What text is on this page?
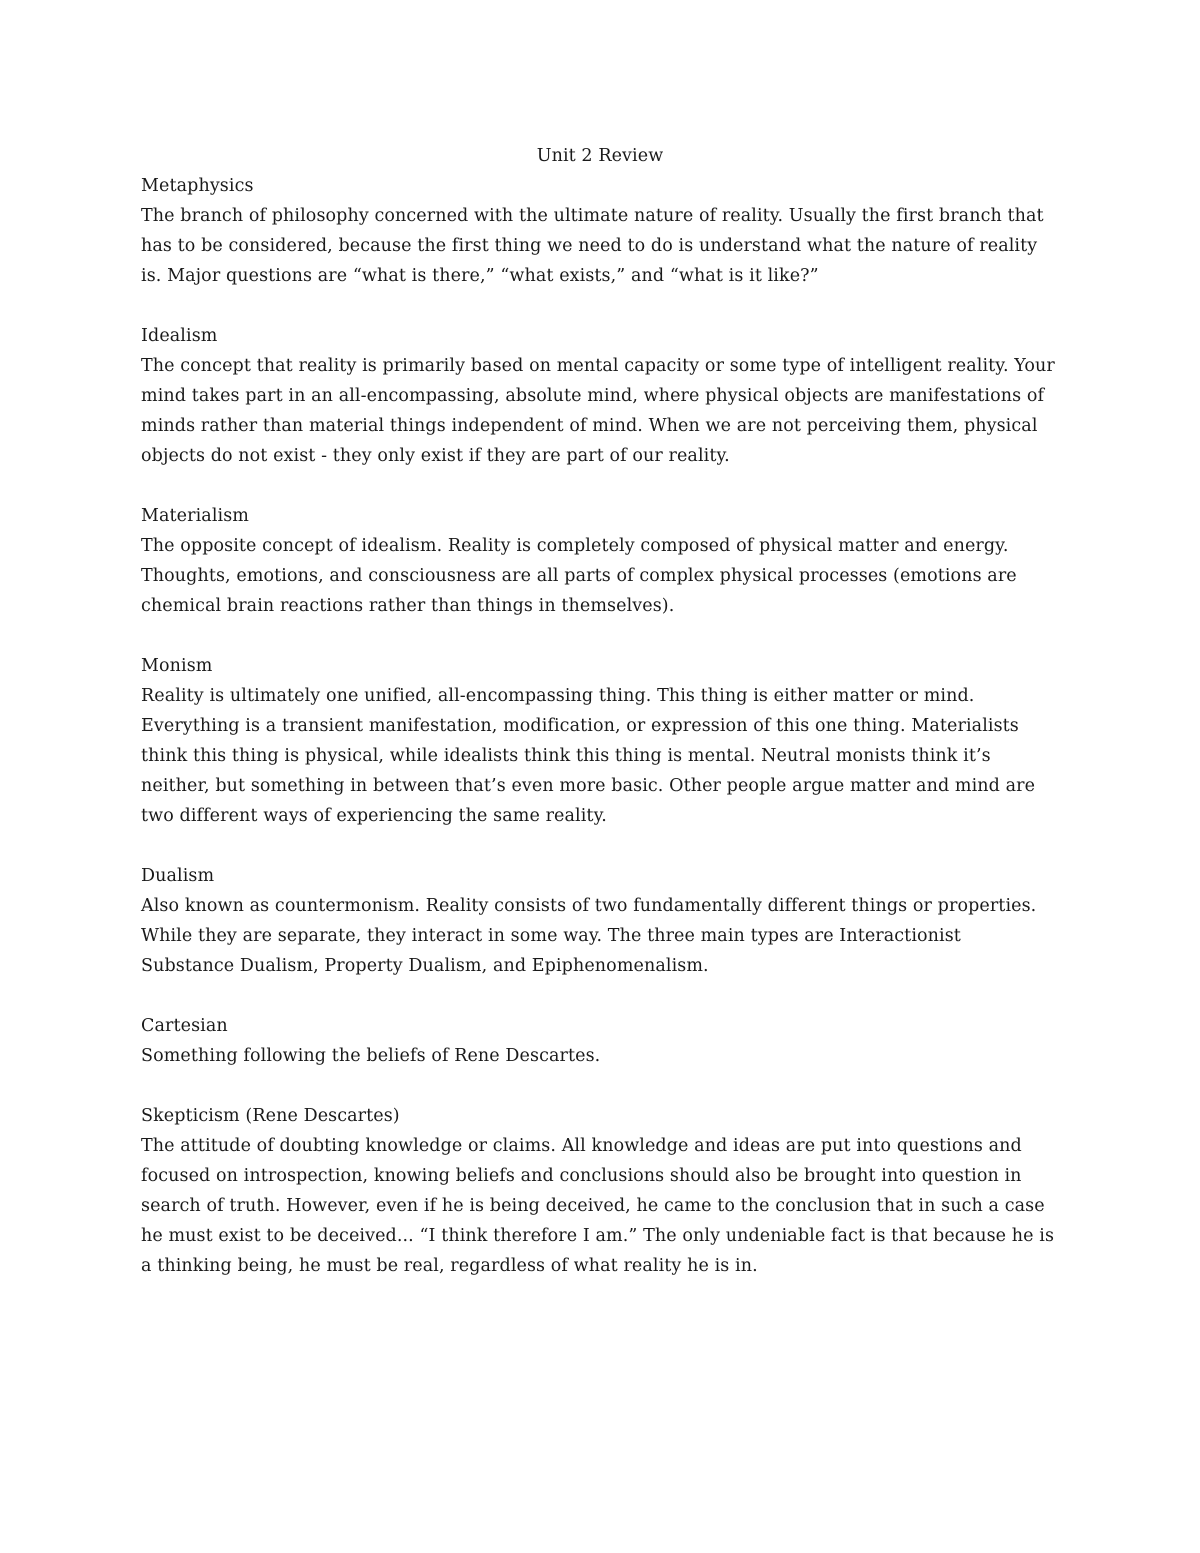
Unit 2 Review

Metaphysics

The branch of philosophy concerned with the ultimate nature of reality. Usually the first branch that has to be considered, because the first thing we need to do is understand what the nature of reality is. Major questions are “what is there,” “what exists,” and “what is it like?”

Idealism

The concept that reality is primarily based on mental capacity or some type of intelligent reality. Your mind takes part in an all-encompassing, absolute mind, where physical objects are manifestations of minds rather than material things independent of mind. When we are not perceiving them, physical objects do not exist - they only exist if they are part of our reality.

Materialism

The opposite concept of idealism. Reality is completely composed of physical matter and energy. Thoughts, emotions, and consciousness are all parts of complex physical processes (emotions are chemical brain reactions rather than things in themselves).

Monism

Reality is ultimately one unified, all-encompassing thing. This thing is either matter or mind. Everything is a transient manifestation, modification, or expression of this one thing. Materialists think this thing is physical, while idealists think this thing is mental. Neutral monists think it’s neither, but something in between that’s even more basic. Other people argue matter and mind are two different ways of experiencing the same reality.

Dualism

Also known as countermonism. Reality consists of two fundamentally different things or properties. While they are separate, they interact in some way. The three main types are Interactionist Substance Dualism, Property Dualism, and Epiphenomenalism.

Cartesian

Something following the beliefs of Rene Descartes.

Skepticism (Rene Descartes)

The attitude of doubting knowledge or claims. All knowledge and ideas are put into questions and focused on introspection, knowing beliefs and conclusions should also be brought into question in search of truth. However, even if he is being deceived, he came to the conclusion that in such a case he must exist to be deceived... “I think therefore I am.” The only undeniable fact is that because he is a thinking being, he must be real, regardless of what reality he is in.
